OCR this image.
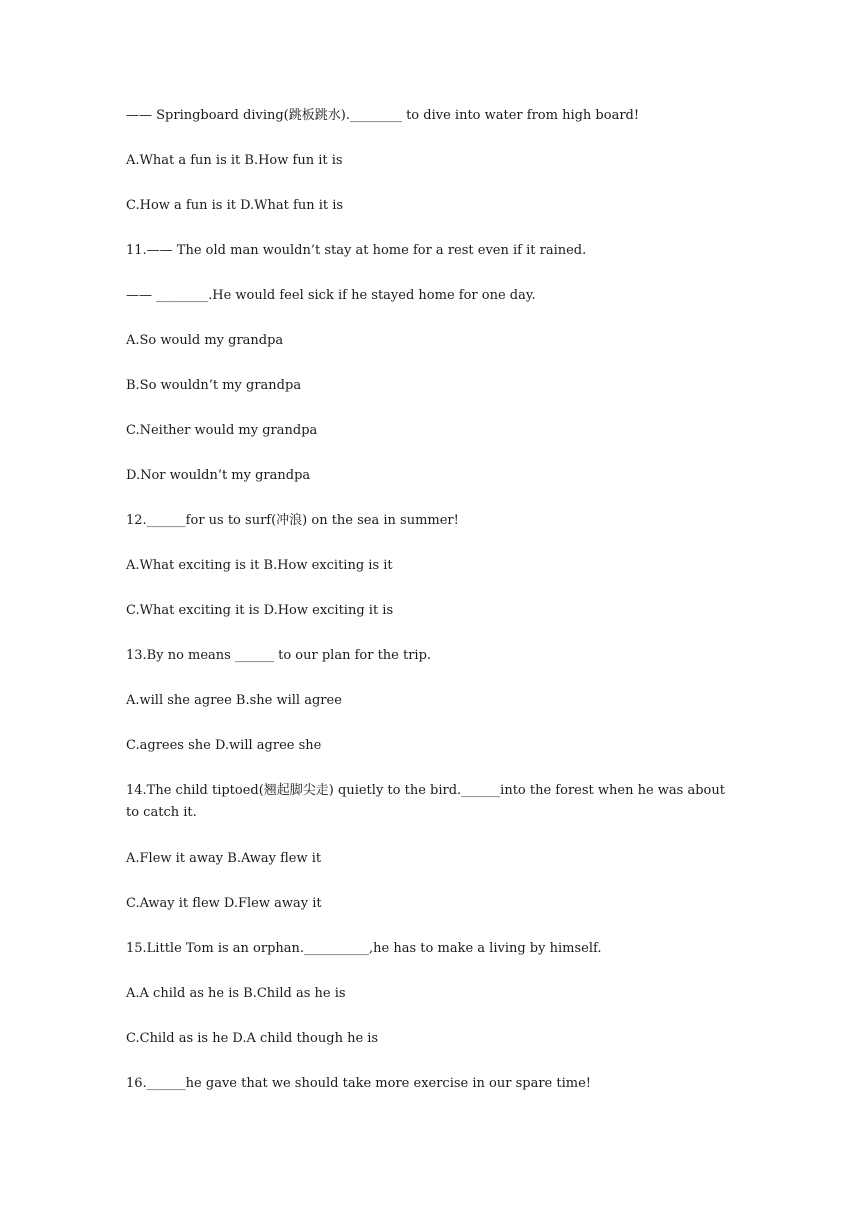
—— Springboard diving(跳板跳水).________ to dive into water from high board!
A.What a fun is it B.How fun it is
C.How a fun is it D.What fun it is
11.—— The old man wouldn’t stay at home for a rest even if it rained.
—— ________.He would feel sick if he stayed home for one day.
A.So would my grandpa
B.So wouldn’t my grandpa
C.Neither would my grandpa
D.Nor wouldn’t my grandpa
12.______for us to surf(冲浪) on the sea in summer!
A.What exciting is it B.How exciting is it
C.What exciting it is D.How exciting it is
13.By no means ______ to our plan for the trip.
A.will she agree B.she will agree
C.agrees she D.will agree she
14.The child tiptoed(翘起脚尖走) quietly to the bird.______into the forest when he was about to catch it.
A.Flew it away B.Away flew it
C.Away it flew D.Flew away it
15.Little Tom is an orphan.__________,he has to make a living by himself.
A.A child as he is B.Child as he is
C.Child as is he D.A child though he is
16.______he gave that we should take more exercise in our spare time!
